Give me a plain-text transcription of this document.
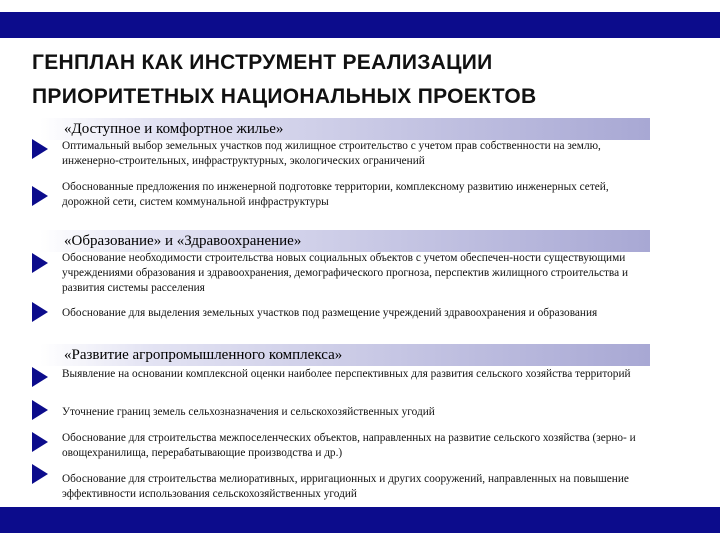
ГЕНПЛАН КАК ИНСТРУМЕНТ РЕАЛИЗАЦИИ
ПРИОРИТЕТНЫХ НАЦИОНАЛЬНЫХ ПРОЕКТОВ
«Доступное и комфортное жилье»
Оптимальный выбор земельных участков под жилищное строительство с учетом прав собственности на землю, инженерно-строительных, инфраструктурных, экологических ограничений
Обоснованные предложения по инженерной подготовке территории, комплексному развитию инженерных сетей, дорожной сети, систем коммунальной инфраструктуры
«Образование» и «Здравоохранение»
Обоснование необходимости строительства новых социальных объектов с учетом обеспечен-ности существующими учреждениями образования и здравоохранения, демографического прогноза, перспектив жилищного строительства и развития системы расселения
Обоснование для выделения земельных участков под размещение учреждений здравоохранения и образования
«Развитие агропромышленного комплекса»
Выявление на основании комплексной оценки наиболее перспективных для развития сельского хозяйства территорий
Уточнение границ земель сельхозназначения и сельскохозяйственных угодий
Обоснование для строительства межпоселенческих объектов, направленных на развитие сельского хозяйства (зерно- и овощехранилища, перерабатывающие производства и др.)
Обоснование для строительства мелиоративных, ирригационных и других сооружений, направленных на повышение эффективности использования сельскохозяйственных угодий
